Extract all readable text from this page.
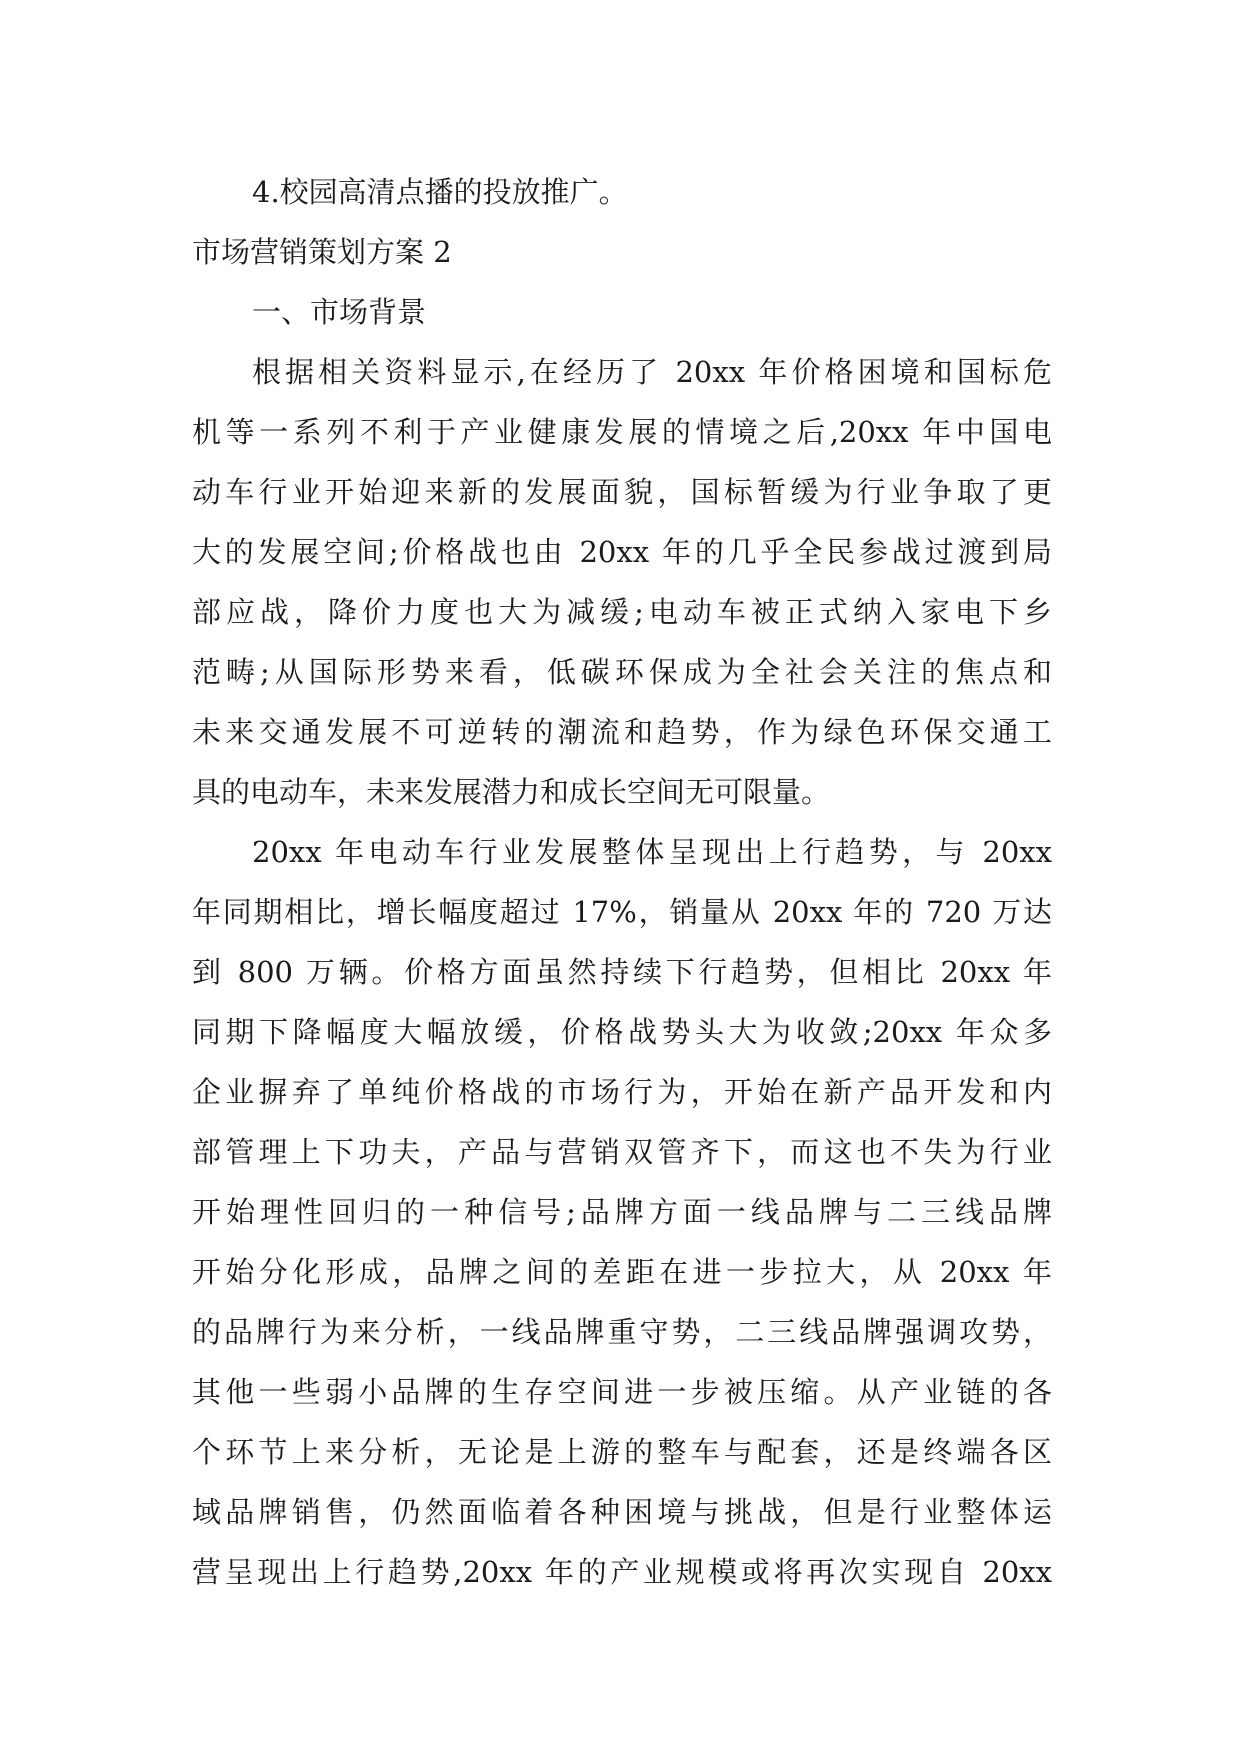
4.校园高清点播的投放推广。

市场营销策划方案 2

一、市场背景

根据相关资料显示,在经历了 20xx 年价格困境和国标危

机等一系列不利于产业健康发展的情境之后,20xx 年中国电

动车行业开始迎来新的发展面貌，国标暂缓为行业争取了更

大的发展空间;价格战也由 20xx 年的几乎全民参战过渡到局

部应战，降价力度也大为减缓;电动车被正式纳入家电下乡

范畴;从国际形势来看，低碳环保成为全社会关注的焦点和

未来交通发展不可逆转的潮流和趋势，作为绿色环保交通工

具的电动车，未来发展潜力和成长空间无可限量。

20xx 年电动车行业发展整体呈现出上行趋势，与 20xx

年同期相比，增长幅度超过 17%，销量从 20xx 年的 720 万达

到 800 万辆。价格方面虽然持续下行趋势，但相比 20xx 年

同期下降幅度大幅放缓，价格战势头大为收敛;20xx 年众多

企业摒弃了单纯价格战的市场行为，开始在新产品开发和内

部管理上下功夫，产品与营销双管齐下，而这也不失为行业

开始理性回归的一种信号;品牌方面一线品牌与二三线品牌

开始分化形成，品牌之间的差距在进一步拉大，从 20xx 年

的品牌行为来分析，一线品牌重守势，二三线品牌强调攻势，

其他一些弱小品牌的生存空间进一步被压缩。从产业链的各

个环节上来分析，无论是上游的整车与配套，还是终端各区

域品牌销售，仍然面临着各种困境与挑战，但是行业整体运

营呈现出上行趋势,20xx 年的产业规模或将再次实现自 20xx
